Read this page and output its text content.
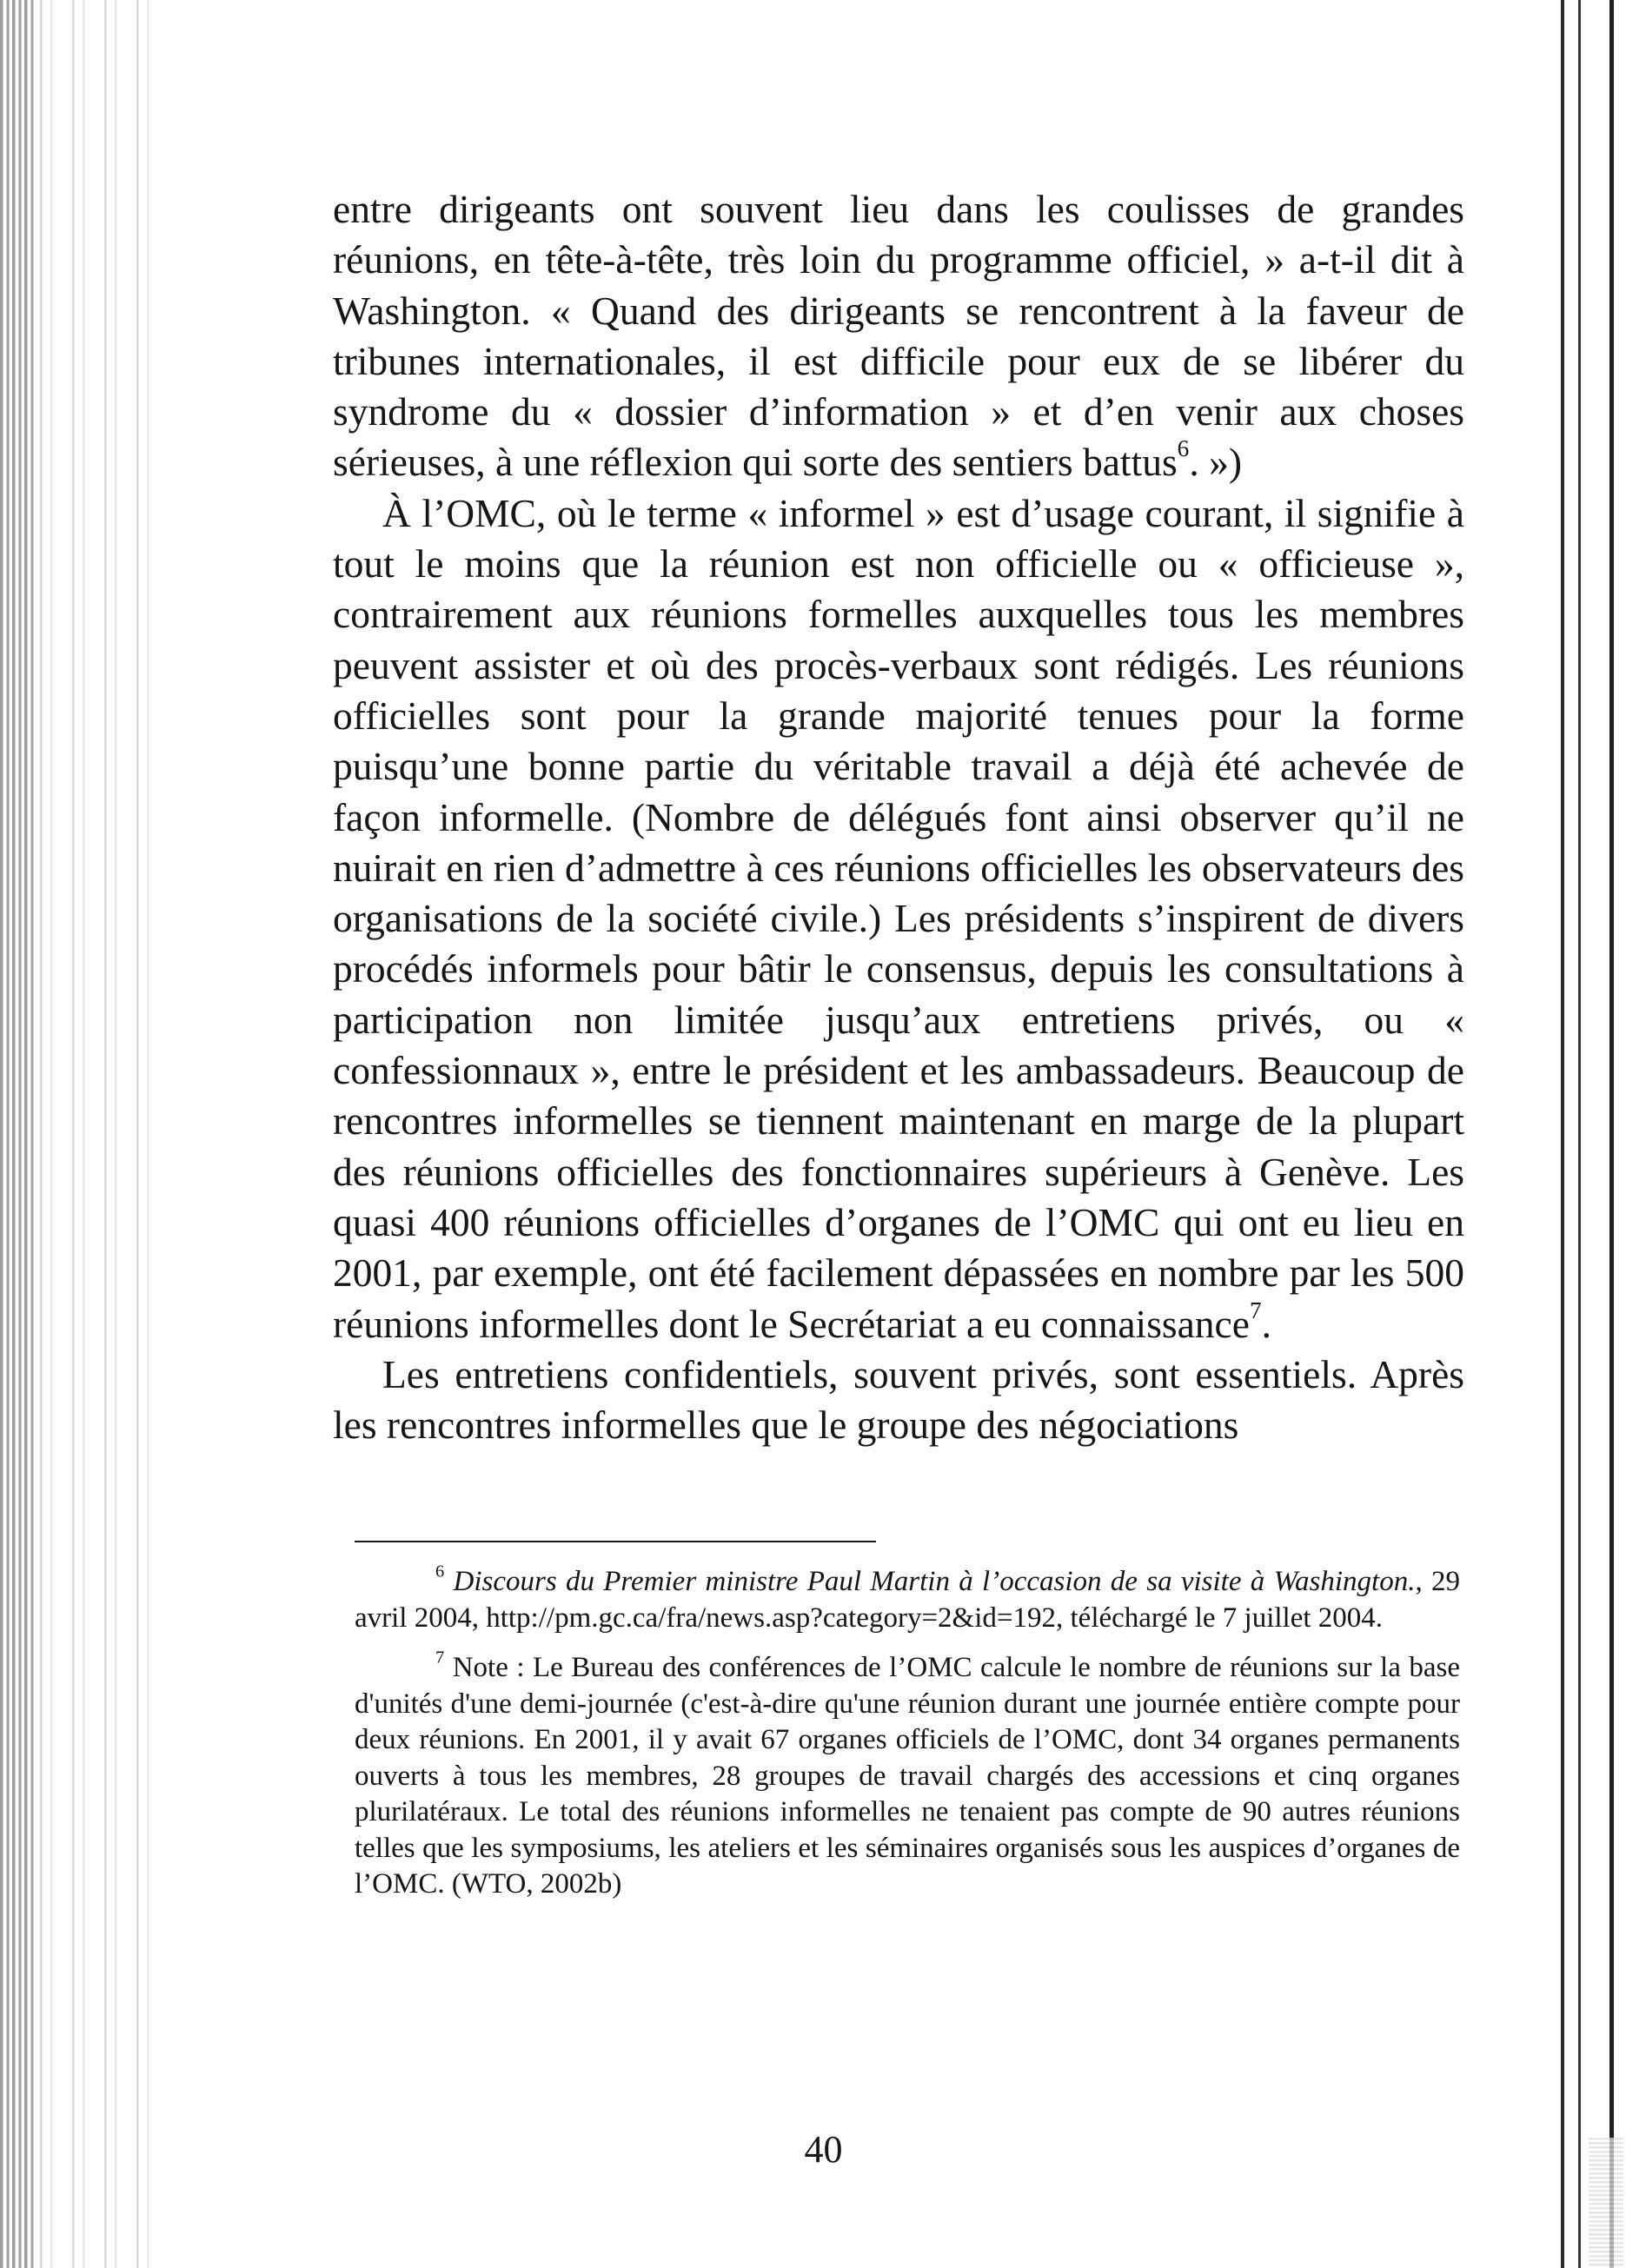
entre dirigeants ont souvent lieu dans les coulisses de grandes réunions, en tête-à-tête, très loin du programme officiel, » a-t-il dit à Washington. « Quand des dirigeants se rencontrent à la faveur de tribunes internationales, il est difficile pour eux de se libérer du syndrome du « dossier d’information » et d’en venir aux choses sérieuses, à une réflexion qui sorte des sentiers battus$^6$. »)

À l’OMC, où le terme « informel » est d’usage courant, il signifie à tout le moins que la réunion est non officielle ou « officieuse », contrairement aux réunions formelles auxquelles tous les membres peuvent assister et où des procès-verbaux sont rédigés. Les réunions officielles sont pour la grande majorité tenues pour la forme puisqu’une bonne partie du véritable travail a déjà été achevée de façon informelle. (Nombre de délégués font ainsi observer qu’il ne nuirait en rien d’admettre à ces réunions officielles les observateurs des organisations de la société civile.) Les présidents s’inspirent de divers procédés informels pour bâtir le consensus, depuis les consultations à participation non limitée jusqu’aux entretiens privés, ou « confessionnaux », entre le président et les ambassadeurs. Beaucoup de rencontres informelles se tiennent maintenant en marge de la plupart des réunions officielles des fonctionnaires supérieurs à Genève. Les quasi 400 réunions officielles d’organes de l’OMC qui ont eu lieu en 2001, par exemple, ont été facilement dépassées en nombre par les 500 réunions informelles dont le Secrétariat a eu connaissance$^7$.

Les entretiens confidentiels, souvent privés, sont essentiels. Après les rencontres informelles que le groupe des négociations

$^6$ Discours du Premier ministre Paul Martin à l’occasion de sa visite à Washington., 29 avril 2004, http://pm.gc.ca/fra/news.asp?category=2&id=192, téléchargé le 7 juillet 2004.

$^7$ Note : Le Bureau des conférences de l’OMC calcule le nombre de réunions sur la base d'unités d'une demi-journée (c'est-à-dire qu'une réunion durant une journée entière compte pour deux réunions. En 2001, il y avait 67 organes officiels de l’OMC, dont 34 organes permanents ouverts à tous les membres, 28 groupes de travail chargés des accessions et cinq organes plurilatéraux. Le total des réunions informelles ne tenaient pas compte de 90 autres réunions telles que les symposiums, les ateliers et les séminaires organisés sous les auspices d’organes de l’OMC. (WTO, 2002b)

40
